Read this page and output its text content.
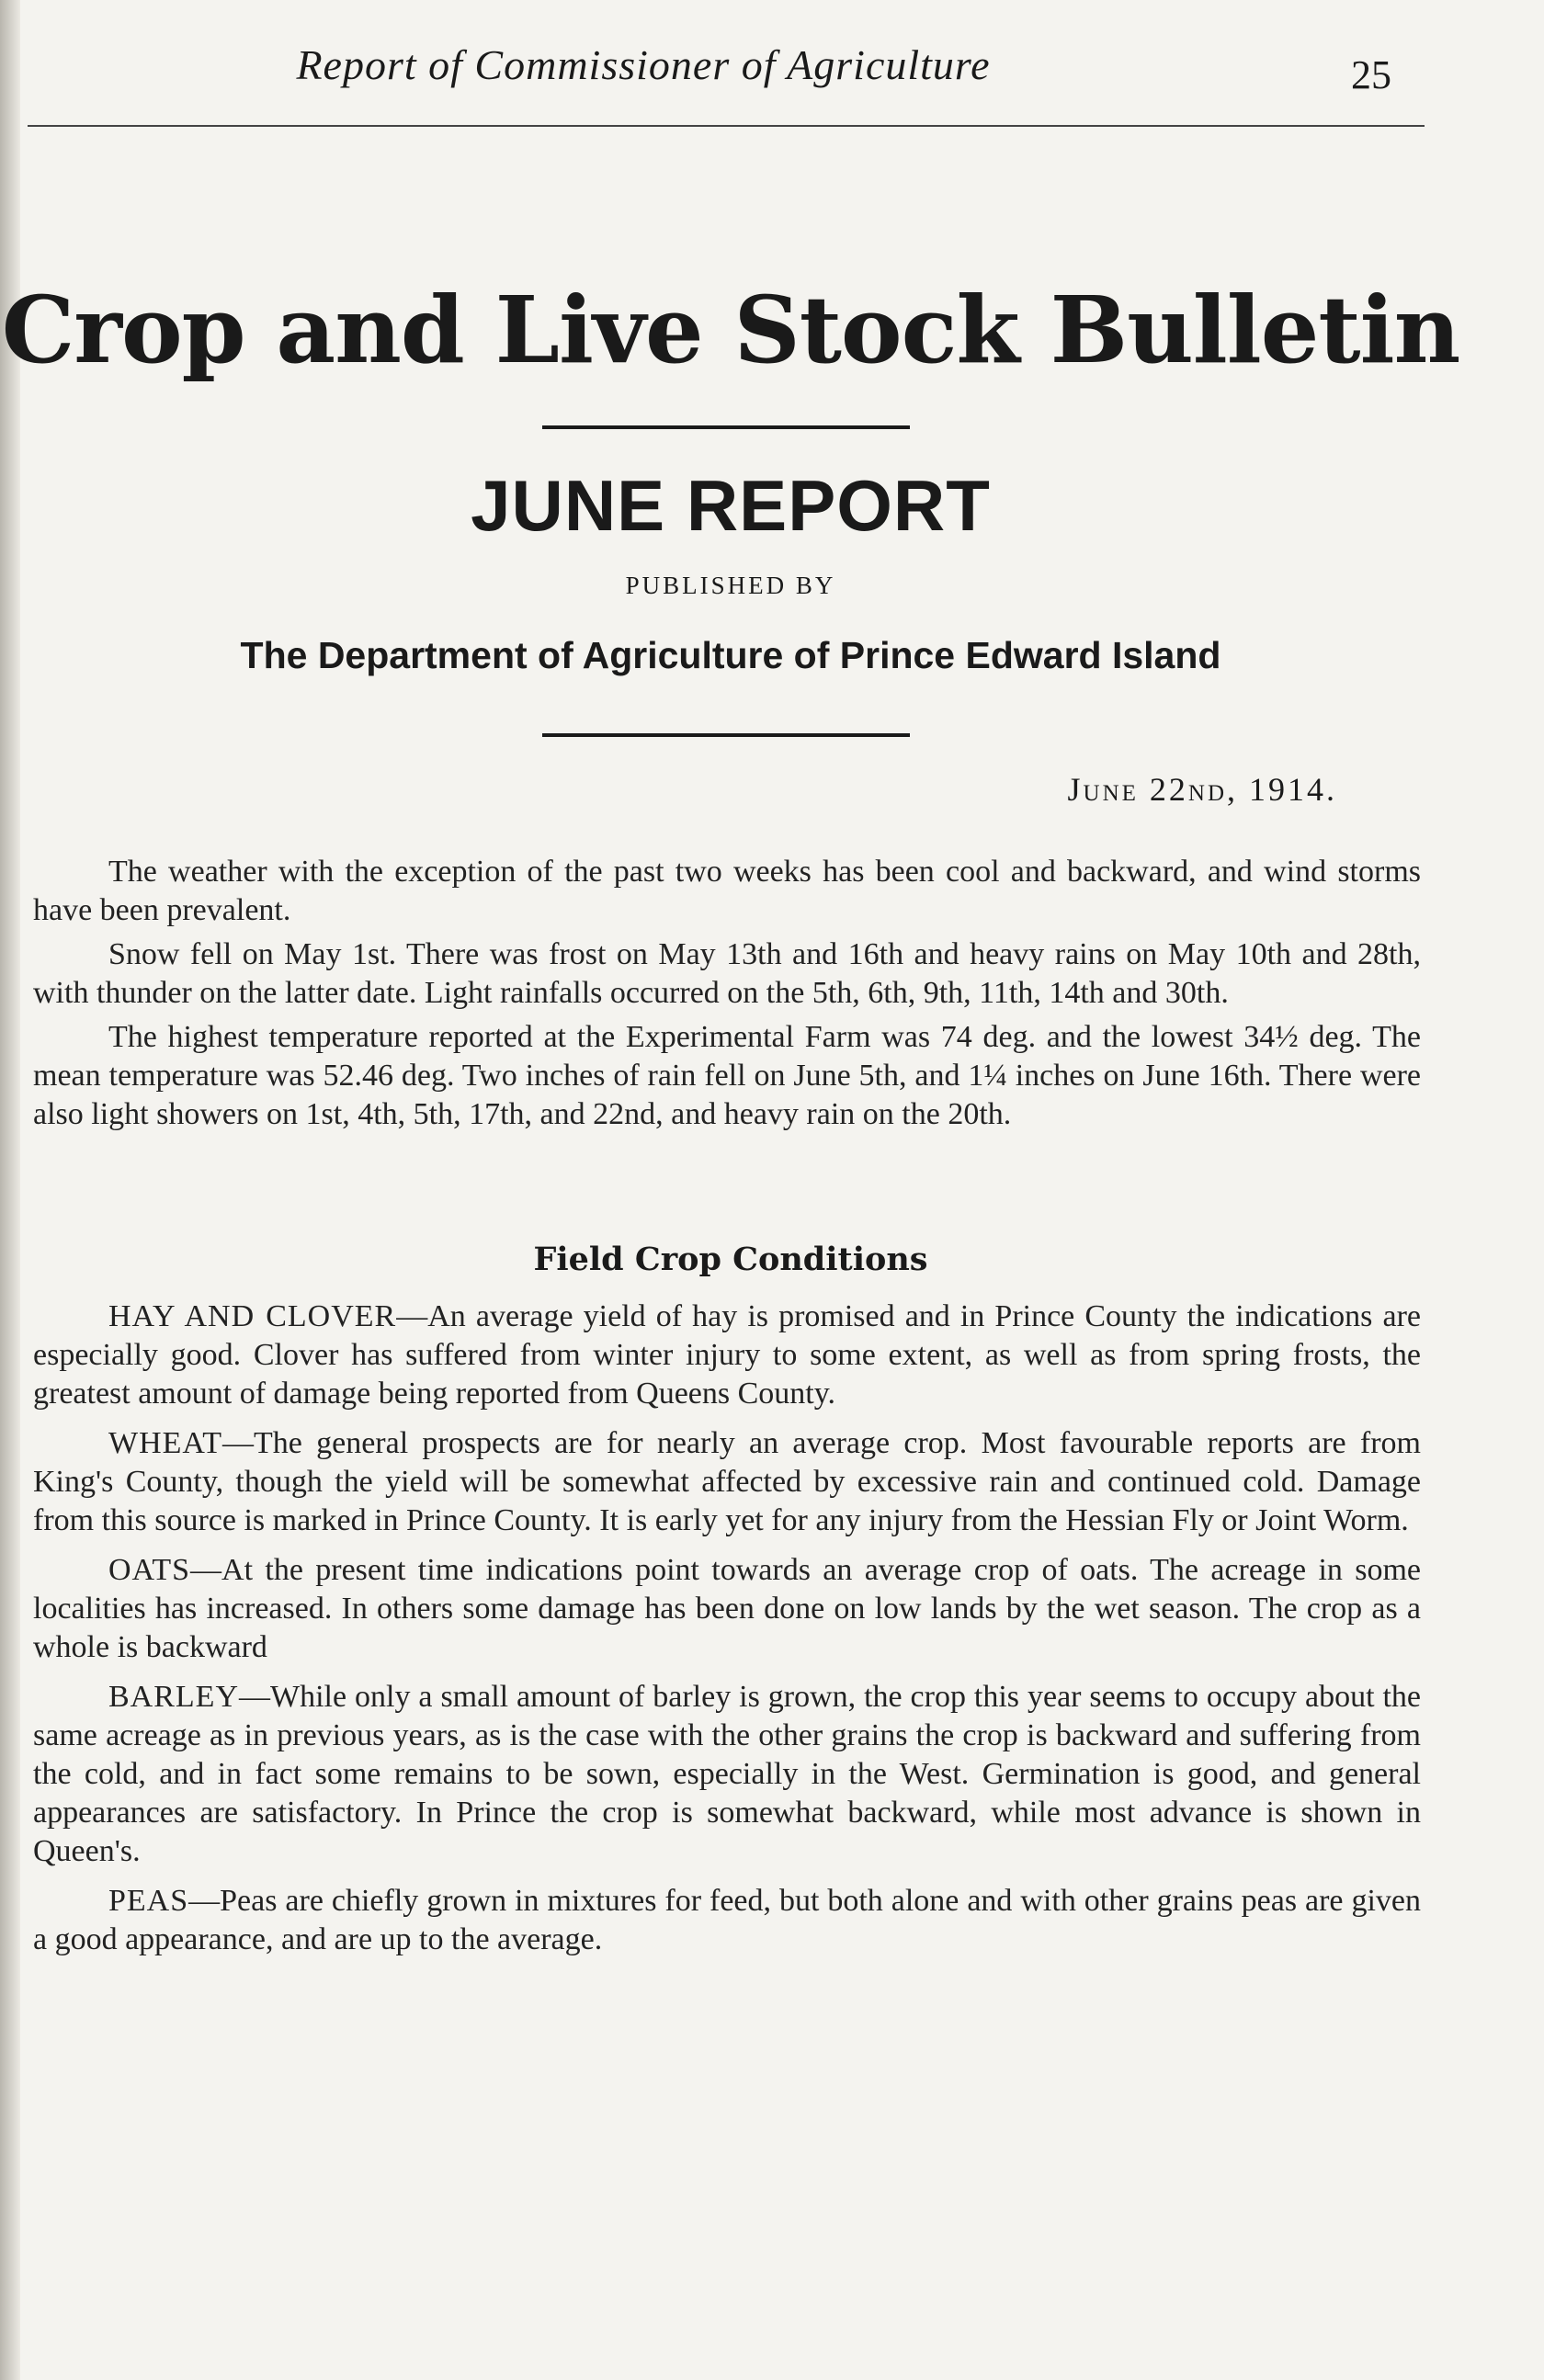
Report of Commissioner of Agriculture	25
Crop and Live Stock Bulletin
JUNE REPORT
PUBLISHED BY
The Department of Agriculture of Prince Edward Island
June 22nd, 1914.

The weather with the exception of the past two weeks has been cool and backward, and wind storms have been prevalent.

Snow fell on May 1st. There was frost on May 13th and 16th and heavy rains on May 10th and 28th, with thunder on the latter date. Light rainfalls occurred on the 5th, 6th, 9th, 11th, 14th and 30th.

The highest temperature reported at the Experimental Farm was 74 deg. and the lowest 34½ deg. The mean temperature was 52.46 deg. Two inches of rain fell on June 5th, and 1¼ inches on June 16th. There were also light showers on 1st, 4th, 5th, 17th, and 22nd, and heavy rain on the 20th.

Field Crop Conditions

HAY AND CLOVER—An average yield of hay is promised and in Prince County the indications are especially good. Clover has suffered from winter injury to some extent, as well as from spring frosts, the greatest amount of damage being reported from Queens County.

WHEAT—The general prospects are for nearly an average crop. Most favourable reports are from King's County, though the yield will be somewhat affected by excessive rain and continued cold. Damage from this source is marked in Prince County. It is early yet for any injury from the Hessian Fly or Joint Worm.

OATS—At the present time indications point towards an average crop of oats. The acreage in some localities has increased. In others some damage has been done on low lands by the wet season. The crop as a whole is backward

BARLEY—While only a small amount of barley is grown, the crop this year seems to occupy about the same acreage as in previous years, as is the case with the other grains the crop is backward and suffering from the cold, and in fact some remains to be sown, especially in the West. Germination is good, and general appearances are satisfactory. In Prince the crop is somewhat backward, while most advance is shown in Queen's.

PEAS—Peas are chiefly grown in mixtures for feed, but both alone and with other grains peas are given a good appearance, and are up to the average.
